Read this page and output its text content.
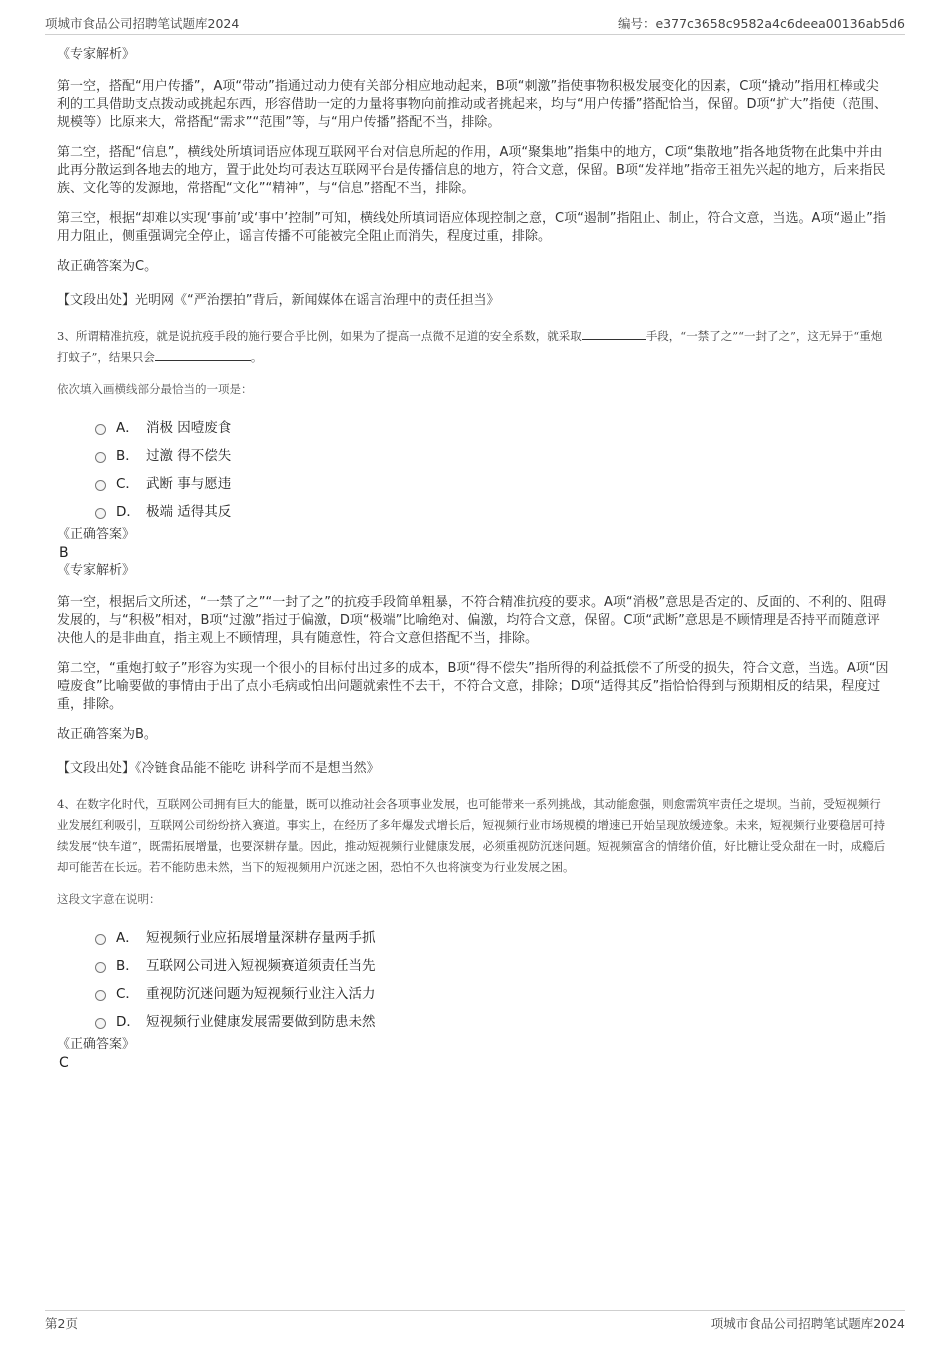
项城市食品公司招聘笔试题库2024	编号：e377c3658c9582a4c6deea00136ab5d6

《专家解析》

第一空，搭配“用户传播”，A项“带动”指通过动力使有关部分相应地动起来，B项“刺激”指使事物积极发展变化的因素，C项“撬动”指用杠棒或尖利的工具借助支点拨动或挑起东西，形容借助一定的力量将事物向前推动或者挑起来，均与“用户传播”搭配恰当，保留。D项“扩大”指使（范围、规模等）比原来大，常搭配“需求”“范围”等，与“用户传播”搭配不当，排除。

第二空，搭配“信息”，横线处所填词语应体现互联网平台对信息所起的作用，A项“聚集地”指集中的地方，C项“集散地”指各地货物在此集中并由此再分散运到各地去的地方，置于此处均可表达互联网平台是传播信息的地方，符合文意，保留。B项“发祥地”指帝王祖先兴起的地方，后来指民族、文化等的发源地，常搭配“文化”“精神”，与“信息”搭配不当，排除。

第三空，根据“却难以实现‘事前’或‘事中’控制”可知，横线处所填词语应体现控制之意，C项“遏制”指阻止、制止，符合文意，当选。A项“遏止”指用力阻止，侧重强调完全停止，谣言传播不可能被完全阻止而消失，程度过重，排除。

故正确答案为C。

【文段出处】光明网《“严治摆拍”背后，新闻媒体在谣言治理中的责任担当》

3、所谓精准抗疫，就是说抗疫手段的施行要合乎比例，如果为了提高一点微不足道的安全系数，就采取	手段，“一禁了之”“一封了之”，这无异于“重炮打蚊子”，结果只会	。

依次填入画横线部分最恰当的一项是：

A． 消极 因噎废食
B． 过激 得不偿失
C． 武断 事与愿违
D． 极端 适得其反

《正确答案》

B

《专家解析》

第一空，根据后文所述，“一禁了之”“一封了之”的抗疫手段简单粗暴，不符合精准抗疫的要求。A项“消极”意思是否定的、反面的、不利的、阻碍发展的，与“积极”相对，B项“过激”指过于偏激，D项“极端”比喻绝对、偏激，均符合文意，保留。C项“武断”意思是不顾情理是否持平而随意评决他人的是非曲直，指主观上不顾情理，具有随意性，符合文意但搭配不当，排除。

第二空，“重炮打蚊子”形容为实现一个很小的目标付出过多的成本，B项“得不偿失”指所得的利益抵偿不了所受的损失，符合文意，当选。A项“因噎废食”比喻要做的事情由于出了点小毛病或怕出问题就索性不去干，不符合文意，排除；D项“适得其反”指恰恰得到与预期相反的结果，程度过重，排除。

故正确答案为B。

【文段出处】《冷链食品能不能吃 讲科学而不是想当然》

4、在数字化时代，互联网公司拥有巨大的能量，既可以推动社会各项事业发展，也可能带来一系列挑战，其动能愈强，则愈需筑牢责任之堤坝。当前，受短视频行业发展红利吸引，互联网公司纷纷挤入赛道。事实上，在经历了多年爆发式增长后，短视频行业市场规模的增速已开始呈现放缓迹象。未来，短视频行业要稳居可持续发展“快车道”，既需拓展增量，也要深耕存量。因此，推动短视频行业健康发展，必须重视防沉迷问题。短视频富含的情绪价值，好比糖让受众甜在一时，成瘾后却可能苦在长远。若不能防患未然，当下的短视频用户沉迷之困，恐怕不久也将演变为行业发展之困。

这段文字意在说明：

A． 短视频行业应拓展增量深耕存量两手抓
B． 互联网公司进入短视频赛道须责任当先
C． 重视防沉迷问题为短视频行业注入活力
D． 短视频行业健康发展需要做到防患未然

《正确答案》

C

第2页	项城市食品公司招聘笔试题库2024
